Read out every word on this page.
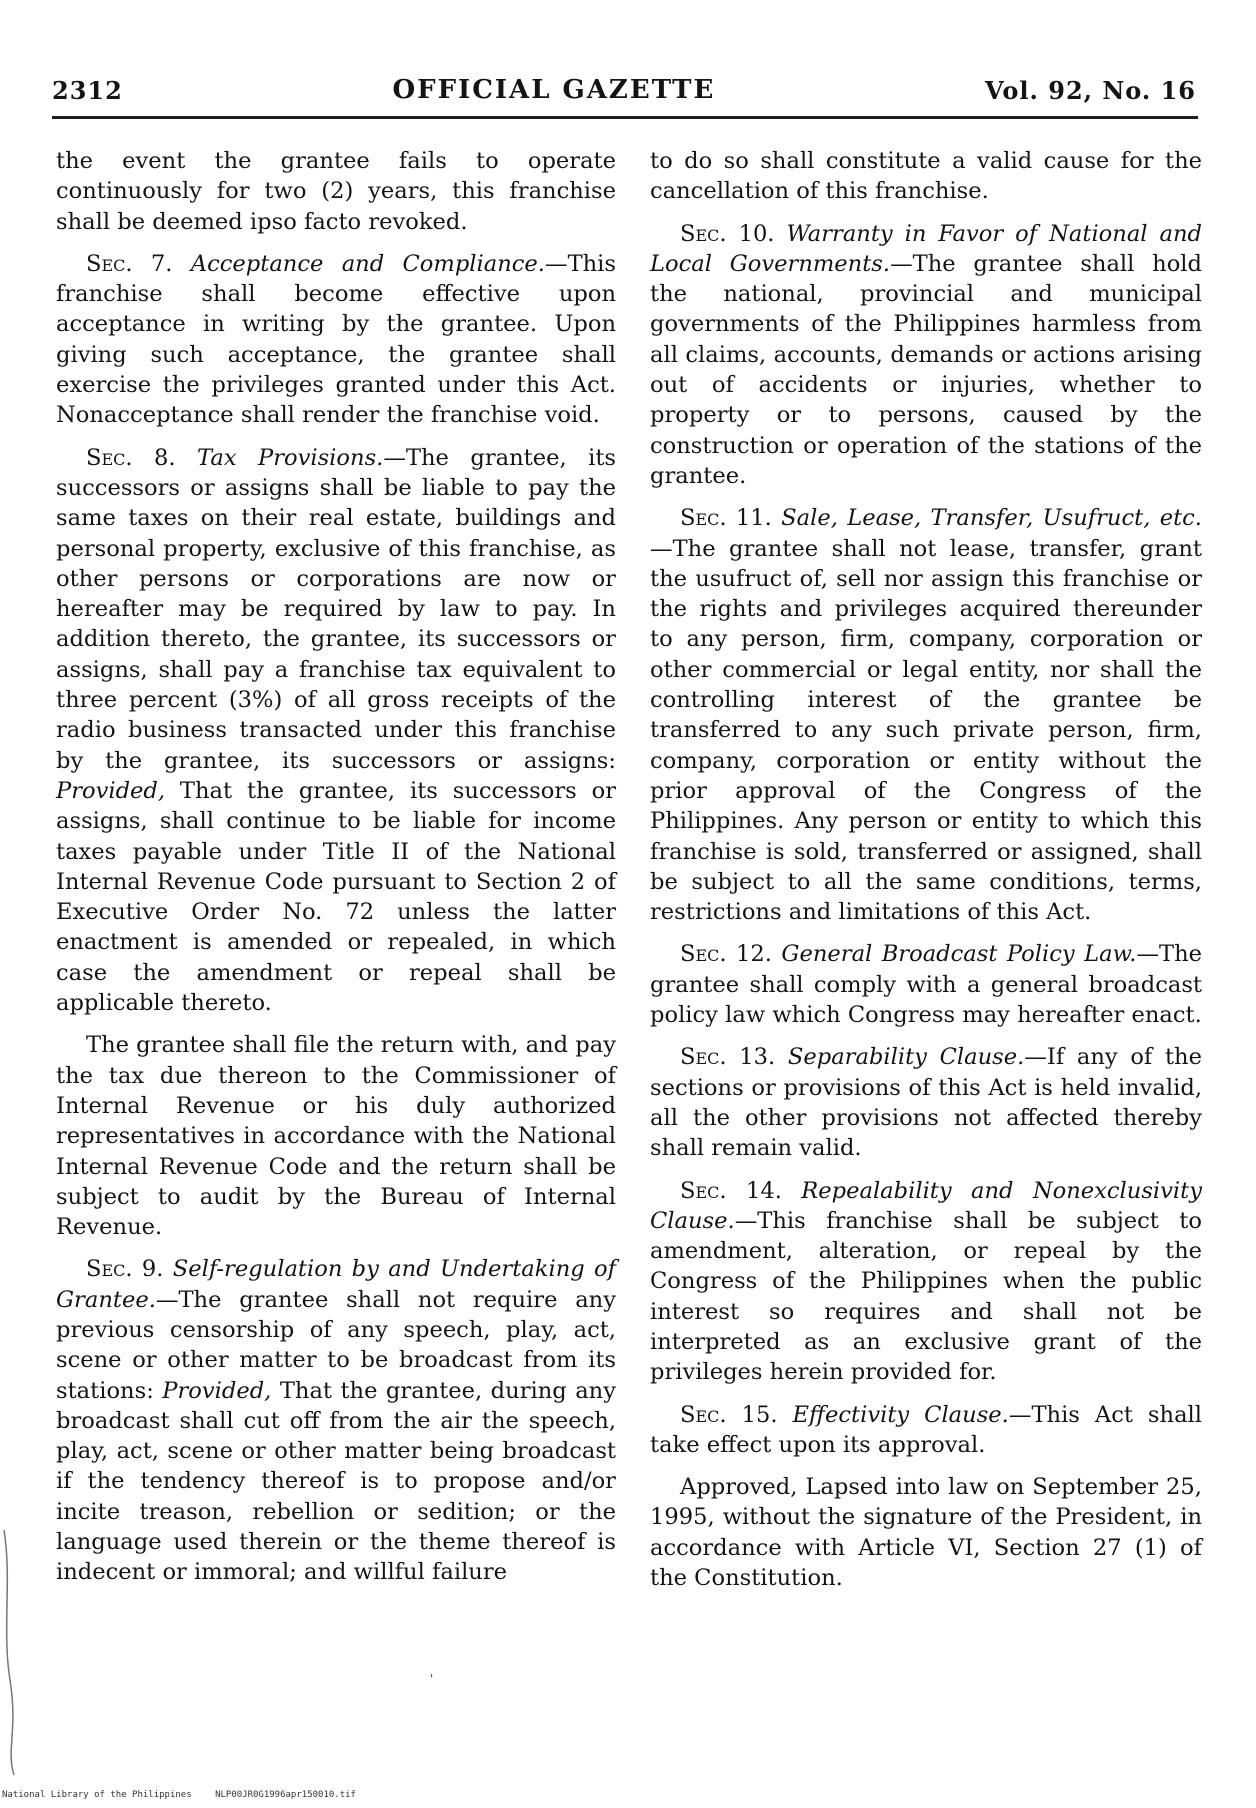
2312	OFFICIAL GAZETTE	Vol. 92, No. 16

the event the grantee fails to operate continuously for two (2) years, this franchise shall be deemed ipso facto revoked.

Sec. 7. Acceptance and Compliance.—This franchise shall become effective upon acceptance in writing by the grantee. Upon giving such acceptance, the grantee shall exercise the privileges granted under this Act. Nonacceptance shall render the franchise void.

Sec. 8. Tax Provisions.—The grantee, its successors or assigns shall be liable to pay the same taxes on their real estate, buildings and personal property, exclusive of this franchise, as other persons or corporations are now or hereafter may be required by law to pay. In addition thereto, the grantee, its successors or assigns, shall pay a franchise tax equivalent to three percent (3%) of all gross receipts of the radio business transacted under this franchise by the grantee, its successors or assigns: Provided, That the grantee, its successors or assigns, shall continue to be liable for income taxes payable under Title II of the National Internal Revenue Code pursuant to Section 2 of Executive Order No. 72 unless the latter enactment is amended or repealed, in which case the amendment or repeal shall be applicable thereto.

The grantee shall file the return with, and pay the tax due thereon to the Commissioner of Internal Revenue or his duly authorized representatives in accordance with the National Internal Revenue Code and the return shall be subject to audit by the Bureau of Internal Revenue.

Sec. 9. Self-regulation by and Undertaking of Grantee.—The grantee shall not require any previous censorship of any speech, play, act, scene or other matter to be broadcast from its stations: Provided, That the grantee, during any broadcast shall cut off from the air the speech, play, act, scene or other matter being broadcast if the tendency thereof is to propose and/or incite treason, rebellion or sedition; or the language used therein or the theme thereof is indecent or immoral; and willful failure

to do so shall constitute a valid cause for the cancellation of this franchise.

Sec. 10. Warranty in Favor of National and Local Governments.—The grantee shall hold the national, provincial and municipal governments of the Philippines harmless from all claims, accounts, demands or actions arising out of accidents or injuries, whether to property or to persons, caused by the construction or operation of the stations of the grantee.

Sec. 11. Sale, Lease, Transfer, Usufruct, etc.—The grantee shall not lease, transfer, grant the usufruct of, sell nor assign this franchise or the rights and privileges acquired thereunder to any person, firm, company, corporation or other commercial or legal entity, nor shall the controlling interest of the grantee be transferred to any such private person, firm, company, corporation or entity without the prior approval of the Congress of the Philippines. Any person or entity to which this franchise is sold, transferred or assigned, shall be subject to all the same conditions, terms, restrictions and limitations of this Act.

Sec. 12. General Broadcast Policy Law.—The grantee shall comply with a general broadcast policy law which Congress may hereafter enact.

Sec. 13. Separability Clause.—If any of the sections or provisions of this Act is held invalid, all the other provisions not affected thereby shall remain valid.

Sec. 14. Repealability and Nonexclusivity Clause.—This franchise shall be subject to amendment, alteration, or repeal by the Congress of the Philippines when the public interest so requires and shall not be interpreted as an exclusive grant of the privileges herein provided for.

Sec. 15. Effectivity Clause.—This Act shall take effect upon its approval.

Approved, Lapsed into law on September 25, 1995, without the signature of the President, in accordance with Article VI, Section 27 (1) of the Constitution.

'
National Library of the Philippines	NLP00JR0G1996apr150010.tif
